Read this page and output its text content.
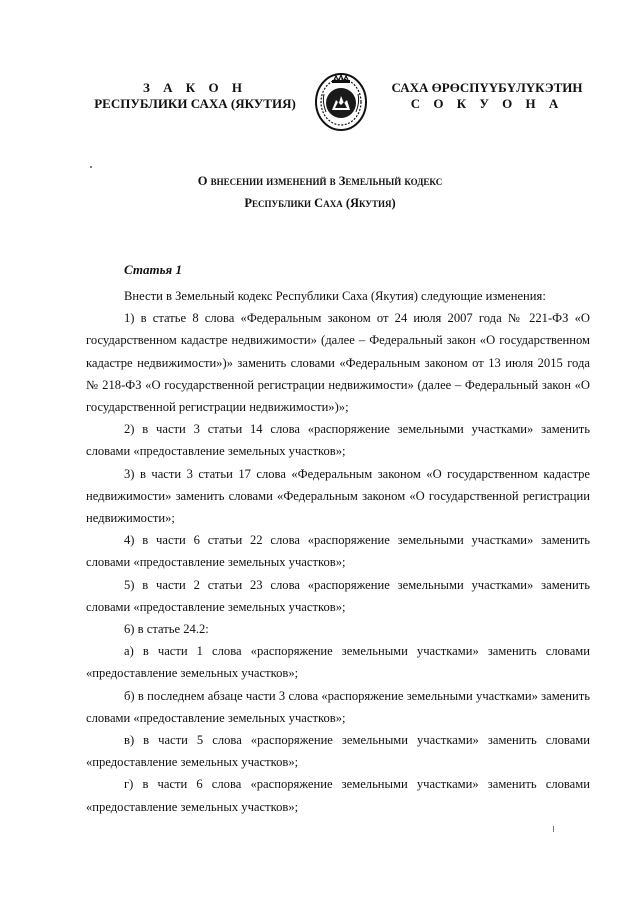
З А К О Н
РЕСПУБЛИКИ САХА (ЯКУТИЯ)
САХА ӨРӨСПҮҮБҮЛҮКЭТИН
С О К У О Н А
О внесении изменений в Земельный кодекс
Республики Саха (Якутия)
Статья 1

Внести в Земельный кодекс Республики Саха (Якутия) следующие изменения:

1) в статье 8 слова «Федеральным законом от 24 июля 2007 года № 221-ФЗ «О государственном кадастре недвижимости» (далее – Федеральный закон «О государственном кадастре недвижимости»)» заменить словами «Федеральным законом от 13 июля 2015 года № 218-ФЗ «О государственной регистрации недвижимости» (далее – Федеральный закон «О государственной регистрации недвижимости»)»;

2) в части 3 статьи 14 слова «распоряжение земельными участками» заменить словами «предоставление земельных участков»;

3) в части 3 статьи 17 слова «Федеральным законом «О государственном кадастре недвижимости» заменить словами «Федеральным законом «О государственной регистрации недвижимости»;

4) в части 6 статьи 22 слова «распоряжение земельными участками» заменить словами «предоставление земельных участков»;

5) в части 2 статьи 23 слова «распоряжение земельными участками» заменить словами «предоставление земельных участков»;

6) в статье 24.2:

а) в части 1 слова «распоряжение земельными участками» заменить словами «предоставление земельных участков»;

б) в последнем абзаце части 3 слова «распоряжение земельными участками» заменить словами «предоставление земельных участков»;

в) в части 5 слова «распоряжение земельными участками» заменить словами «предоставление земельных участков»;

г) в части 6 слова «распоряжение земельными участками» заменить словами «предоставление земельных участков»;
